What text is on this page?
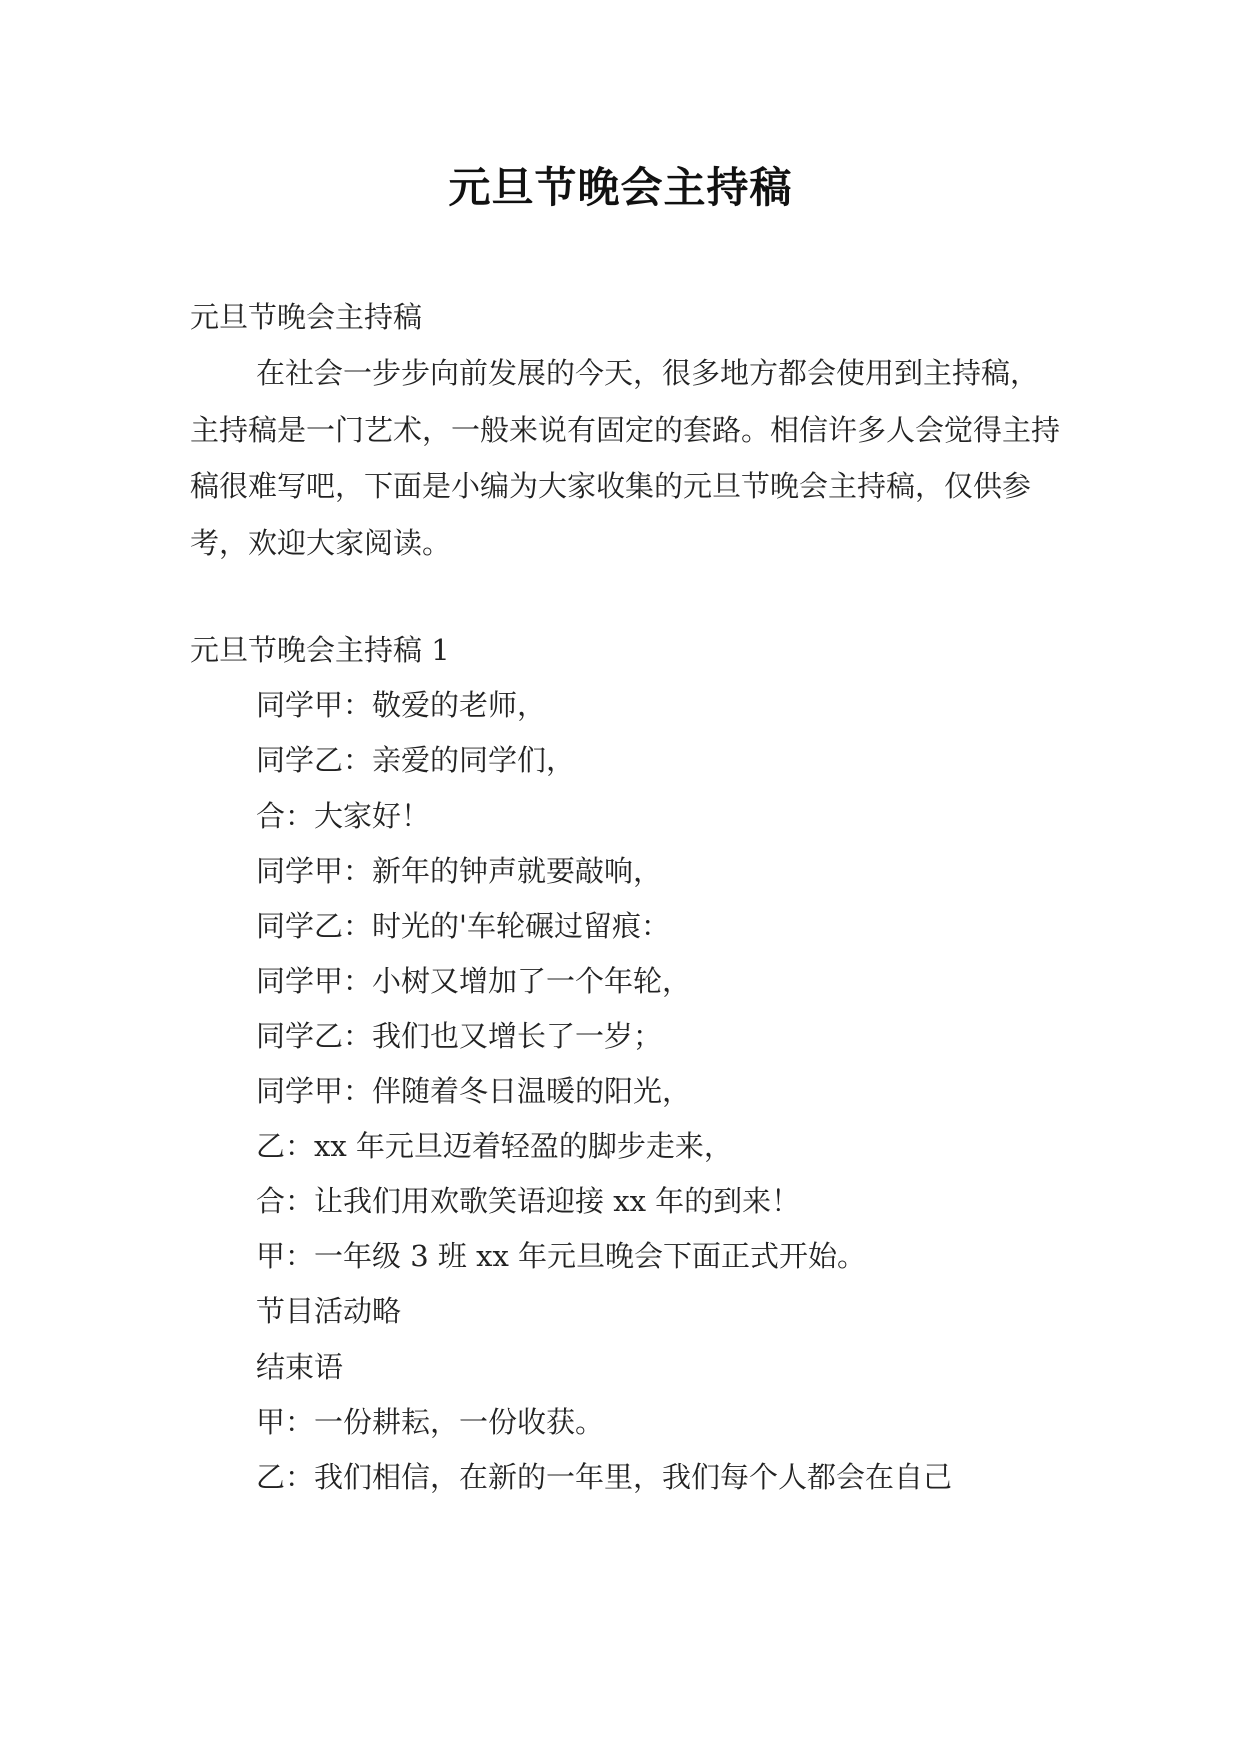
元旦节晚会主持稿

元旦节晚会主持稿

在社会一步步向前发展的今天，很多地方都会使用到主持稿，主持稿是一门艺术，一般来说有固定的套路。相信许多人会觉得主持稿很难写吧，下面是小编为大家收集的元旦节晚会主持稿，仅供参考，欢迎大家阅读。

元旦节晚会主持稿 1

同学甲：敬爱的老师，

同学乙：亲爱的同学们，

合：大家好！

同学甲：新年的钟声就要敲响，

同学乙：时光的'车轮碾过留痕：

同学甲：小树又增加了一个年轮，

同学乙：我们也又增长了一岁；

同学甲：伴随着冬日温暖的阳光，

乙：xx 年元旦迈着轻盈的脚步走来，

合：让我们用欢歌笑语迎接 xx 年的到来！

甲：一年级 3 班 xx 年元旦晚会下面正式开始。

节目活动略

结束语

甲：一份耕耘，一份收获。

乙：我们相信，在新的一年里，我们每个人都会在自己
